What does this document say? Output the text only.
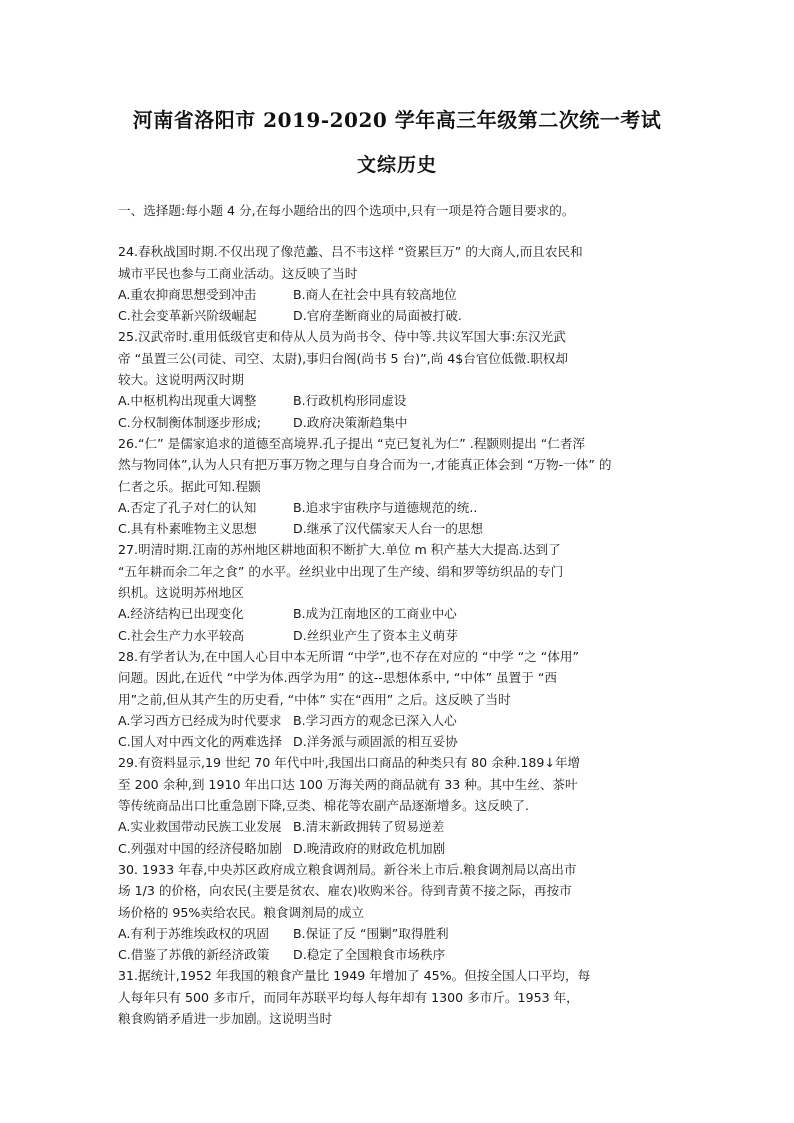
河南省洛阳市 2019-2020 学年高三年级第二次统一考试
文综历史
一、选择题:每小题 4 分,在每小题给出的四个选项中,只有一项是符合题目要求的。
24.春秋战国时期.不仅出现了像范蠡、吕不韦这样 “资累巨万” 的大商人,而且农民和
城市平民也参与工商业活动。这反映了当时
A.重农抑商思想受到冲击	B.商人在社会中具有较高地位
C.社会变革新兴阶级崛起	D.官府垄断商业的局面被打破.
25.汉武帝时.重用低级官吏和侍从人员为尚书令、侍中等.共议军国大事:东汉光武
帝 “虽置三公(司徒、司空、太尉),事归台阁(尚书 5 台)”,尚 4$台官位低微.职权却
较大。这说明两汉时期
A.中枢机构出现重大调整	B.行政机构形同虚设
C.分权制衡体制逐步形成;	D.政府决策渐趋集中
26.“仁” 是儒家追求的道德至高境界.孔子提出 “克已复礼为仁” .程颢则提出 “仁者浑
然与物同体”,认为人只有把万事万物之理与自身合而为一,才能真正体会到 “万物-一体” 的
仁者之乐。据此可知.程颢
A.否定了孔子对仁的认知	B.追求宇宙秩序与道德规范的统..
C.具有朴素唯物主义思想	D.继承了汉代儒家天人台一的思想
27.明清时期.江南的苏州地区耕地面积不断扩大.单位 m 积产基大大提高.达到了
“五年耕而余二年之食” 的水平。丝织业中出现了生产绫、绢和罗等纺织品的专门
织机。这说明苏州地区
A.经济结构已出现变化	B.成为江南地区的工商业中心
C.社会生产力水平较高	D.丝织业产生了资本主义萌芽
28.有学者认为,在中国人心目中本无所谓 “中学”,也不存在对应的 “中学 “之 “体用”
问题。因此,在近代 “中学为体.西学为用” 的这--思想体系中, “中体” 虽置于 “西
用”之前,但从其产生的历史看, “中体” 实在“西用” 之后。这反映了当时
A.学习西方已经成为时代要求 B.学习西方的观念已深入人心
C.国人对中西文化的两难选择 D.洋务派与顽固派的相互妥协
29.有资料显示,19 世纪 70 年代中叶,我国出口商品的种类只有 80 余种.189↓年增
至 200 余种,到 1910 年出口达 100 万海关两的商品就有 33 种。其中生丝、茶叶
等传统商品出口比重急剧下降,豆类、棉花等农副产品逐渐增多。这反映了.
A.实业救国带动民族工业发展 B.清末新政拥转了贸易逆差
C.列强对中国的经济侵略加剧 D.晚清政府的财政危机加剧
30. 1933 年春,中央苏区政府成立粮食调剂局。新谷米上市后.粮食调剂局以高出市
场 1/3 的价格，向农民(主要是贫农、雇农)收购米谷。待到青黄不接之际，再按市
场价格的 95%卖给农民。粮食调剂局的成立
A.有利于苏维埃政权的巩固 B.保证了反 “围剿”取得胜利
C.借鉴了苏俄的新经济政策 D.稳定了全国粮食市场秩序
31.据统计,1952 年我国的粮食产量比 1949 年增加了 45%。但按全国人口平均，每
人每年只有 500 多市斤，而同年苏联平均每人每年却有 1300 多市斤。1953 年，
粮食购销矛盾进一步加剧。这说明当时
